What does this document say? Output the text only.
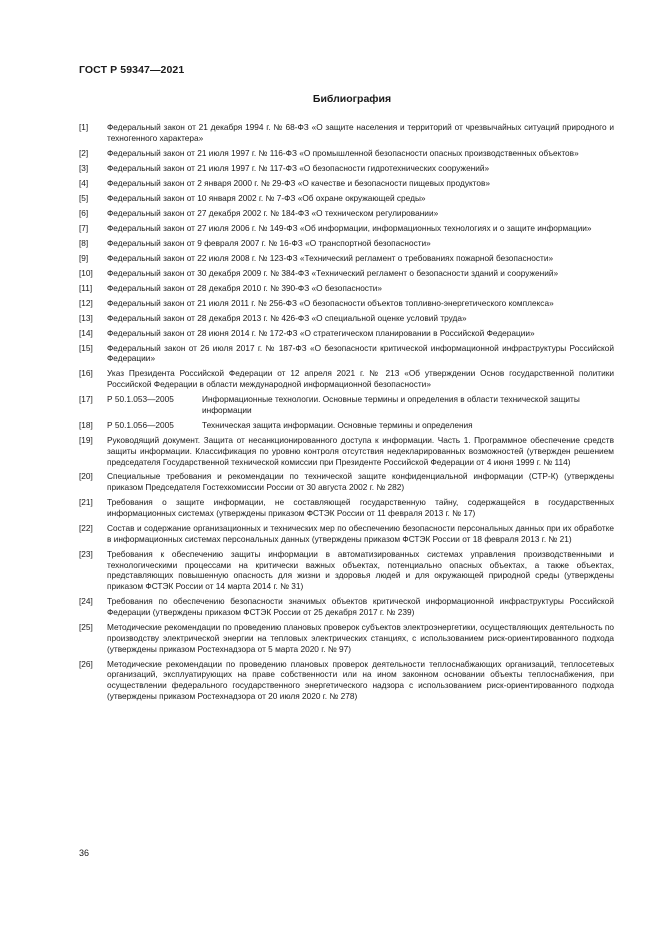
ГОСТ Р 59347—2021
Библиография
[1]	Федеральный закон от 21 декабря 1994 г. № 68-ФЗ «О защите населения и территорий от чрезвычайных ситуаций природного и техногенного характера»
[2]	Федеральный закон от 21 июля 1997 г. № 116-ФЗ «О промышленной безопасности опасных производственных объектов»
[3]	Федеральный закон от 21 июля 1997 г. № 117-ФЗ «О безопасности гидротехнических сооружений»
[4]	Федеральный закон от 2 января 2000 г. № 29-ФЗ «О качестве и безопасности пищевых продуктов»
[5]	Федеральный закон от 10 января 2002 г. № 7-ФЗ «Об охране окружающей среды»
[6]	Федеральный закон от 27 декабря 2002 г. № 184-ФЗ «О техническом регулировании»
[7]	Федеральный закон от 27 июля 2006 г. № 149-ФЗ «Об информации, информационных технологиях и о защите информации»
[8]	Федеральный закон от 9 февраля 2007 г. № 16-ФЗ «О транспортной безопасности»
[9]	Федеральный закон от 22 июля 2008 г. № 123-ФЗ «Технический регламент о требованиях пожарной безопасности»
[10]	Федеральный закон от 30 декабря 2009 г. № 384-ФЗ «Технический регламент о безопасности зданий и сооружений»
[11]	Федеральный закон от 28 декабря 2010 г. № 390-ФЗ «О безопасности»
[12]	Федеральный закон от 21 июля 2011 г. № 256-ФЗ «О безопасности объектов топливно-энергетического комплекса»
[13]	Федеральный закон от 28 декабря 2013 г. № 426-ФЗ «О специальной оценке условий труда»
[14]	Федеральный закон от 28 июня 2014 г. № 172-ФЗ «О стратегическом планировании в Российской Федерации»
[15]	Федеральный закон от 26 июля 2017 г. № 187-ФЗ «О безопасности критической информационной инфраструктуры Российской Федерации»
[16]	Указ Президента Российской Федерации от 12 апреля 2021 г. № 213 «Об утверждении Основ государственной политики Российской Федерации в области международной информационной безопасности»
[17]	Р 50.1.053—2005	Информационные технологии. Основные термины и определения в области технической защиты информации
[18]	Р 50.1.056—2005	Техническая защита информации. Основные термины и определения
[19]	Руководящий документ. Защита от несанкционированного доступа к информации. Часть 1. Программное обеспечение средств защиты информации. Классификация по уровню контроля отсутствия недекларированных возможностей (утвержден решением председателя Государственной технической комиссии при Президенте Российской Федерации от 4 июня 1999 г. № 114)
[20]	Специальные требования и рекомендации по технической защите конфиденциальной информации (СТР-К) (утверждены приказом Председателя Гостехкомиссии России от 30 августа 2002 г. № 282)
[21]	Требования о защите информации, не составляющей государственную тайну, содержащейся в государственных информационных системах (утверждены приказом ФСТЭК России от 11 февраля 2013 г. № 17)
[22]	Состав и содержание организационных и технических мер по обеспечению безопасности персональных данных при их обработке в информационных системах персональных данных (утверждены приказом ФСТЭК России от 18 февраля 2013 г. № 21)
[23]	Требования к обеспечению защиты информации в автоматизированных системах управления производственными и технологическими процессами на критически важных объектах, потенциально опасных объектах, а также объектах, представляющих повышенную опасность для жизни и здоровья людей и для окружающей природной среды (утверждены приказом ФСТЭК России от 14 марта 2014 г. № 31)
[24]	Требования по обеспечению безопасности значимых объектов критической информационной инфраструктуры Российской Федерации (утверждены приказом ФСТЭК России от 25 декабря 2017 г. № 239)
[25]	Методические рекомендации по проведению плановых проверок субъектов электроэнергетики, осуществляющих деятельность по производству электрической энергии на тепловых электрических станциях, с использованием риск-ориентированного подхода (утверждены приказом Ростехнадзора от 5 марта 2020 г. № 97)
[26]	Методические рекомендации по проведению плановых проверок деятельности теплоснабжающих организаций, теплосетевых организаций, эксплуатирующих на праве собственности или на ином законном основании объекты теплоснабжения, при осуществлении федерального государственного энергетического надзора с использованием риск-ориентированного подхода (утверждены приказом Ростехнадзора от 20 июля 2020 г. № 278)
36
